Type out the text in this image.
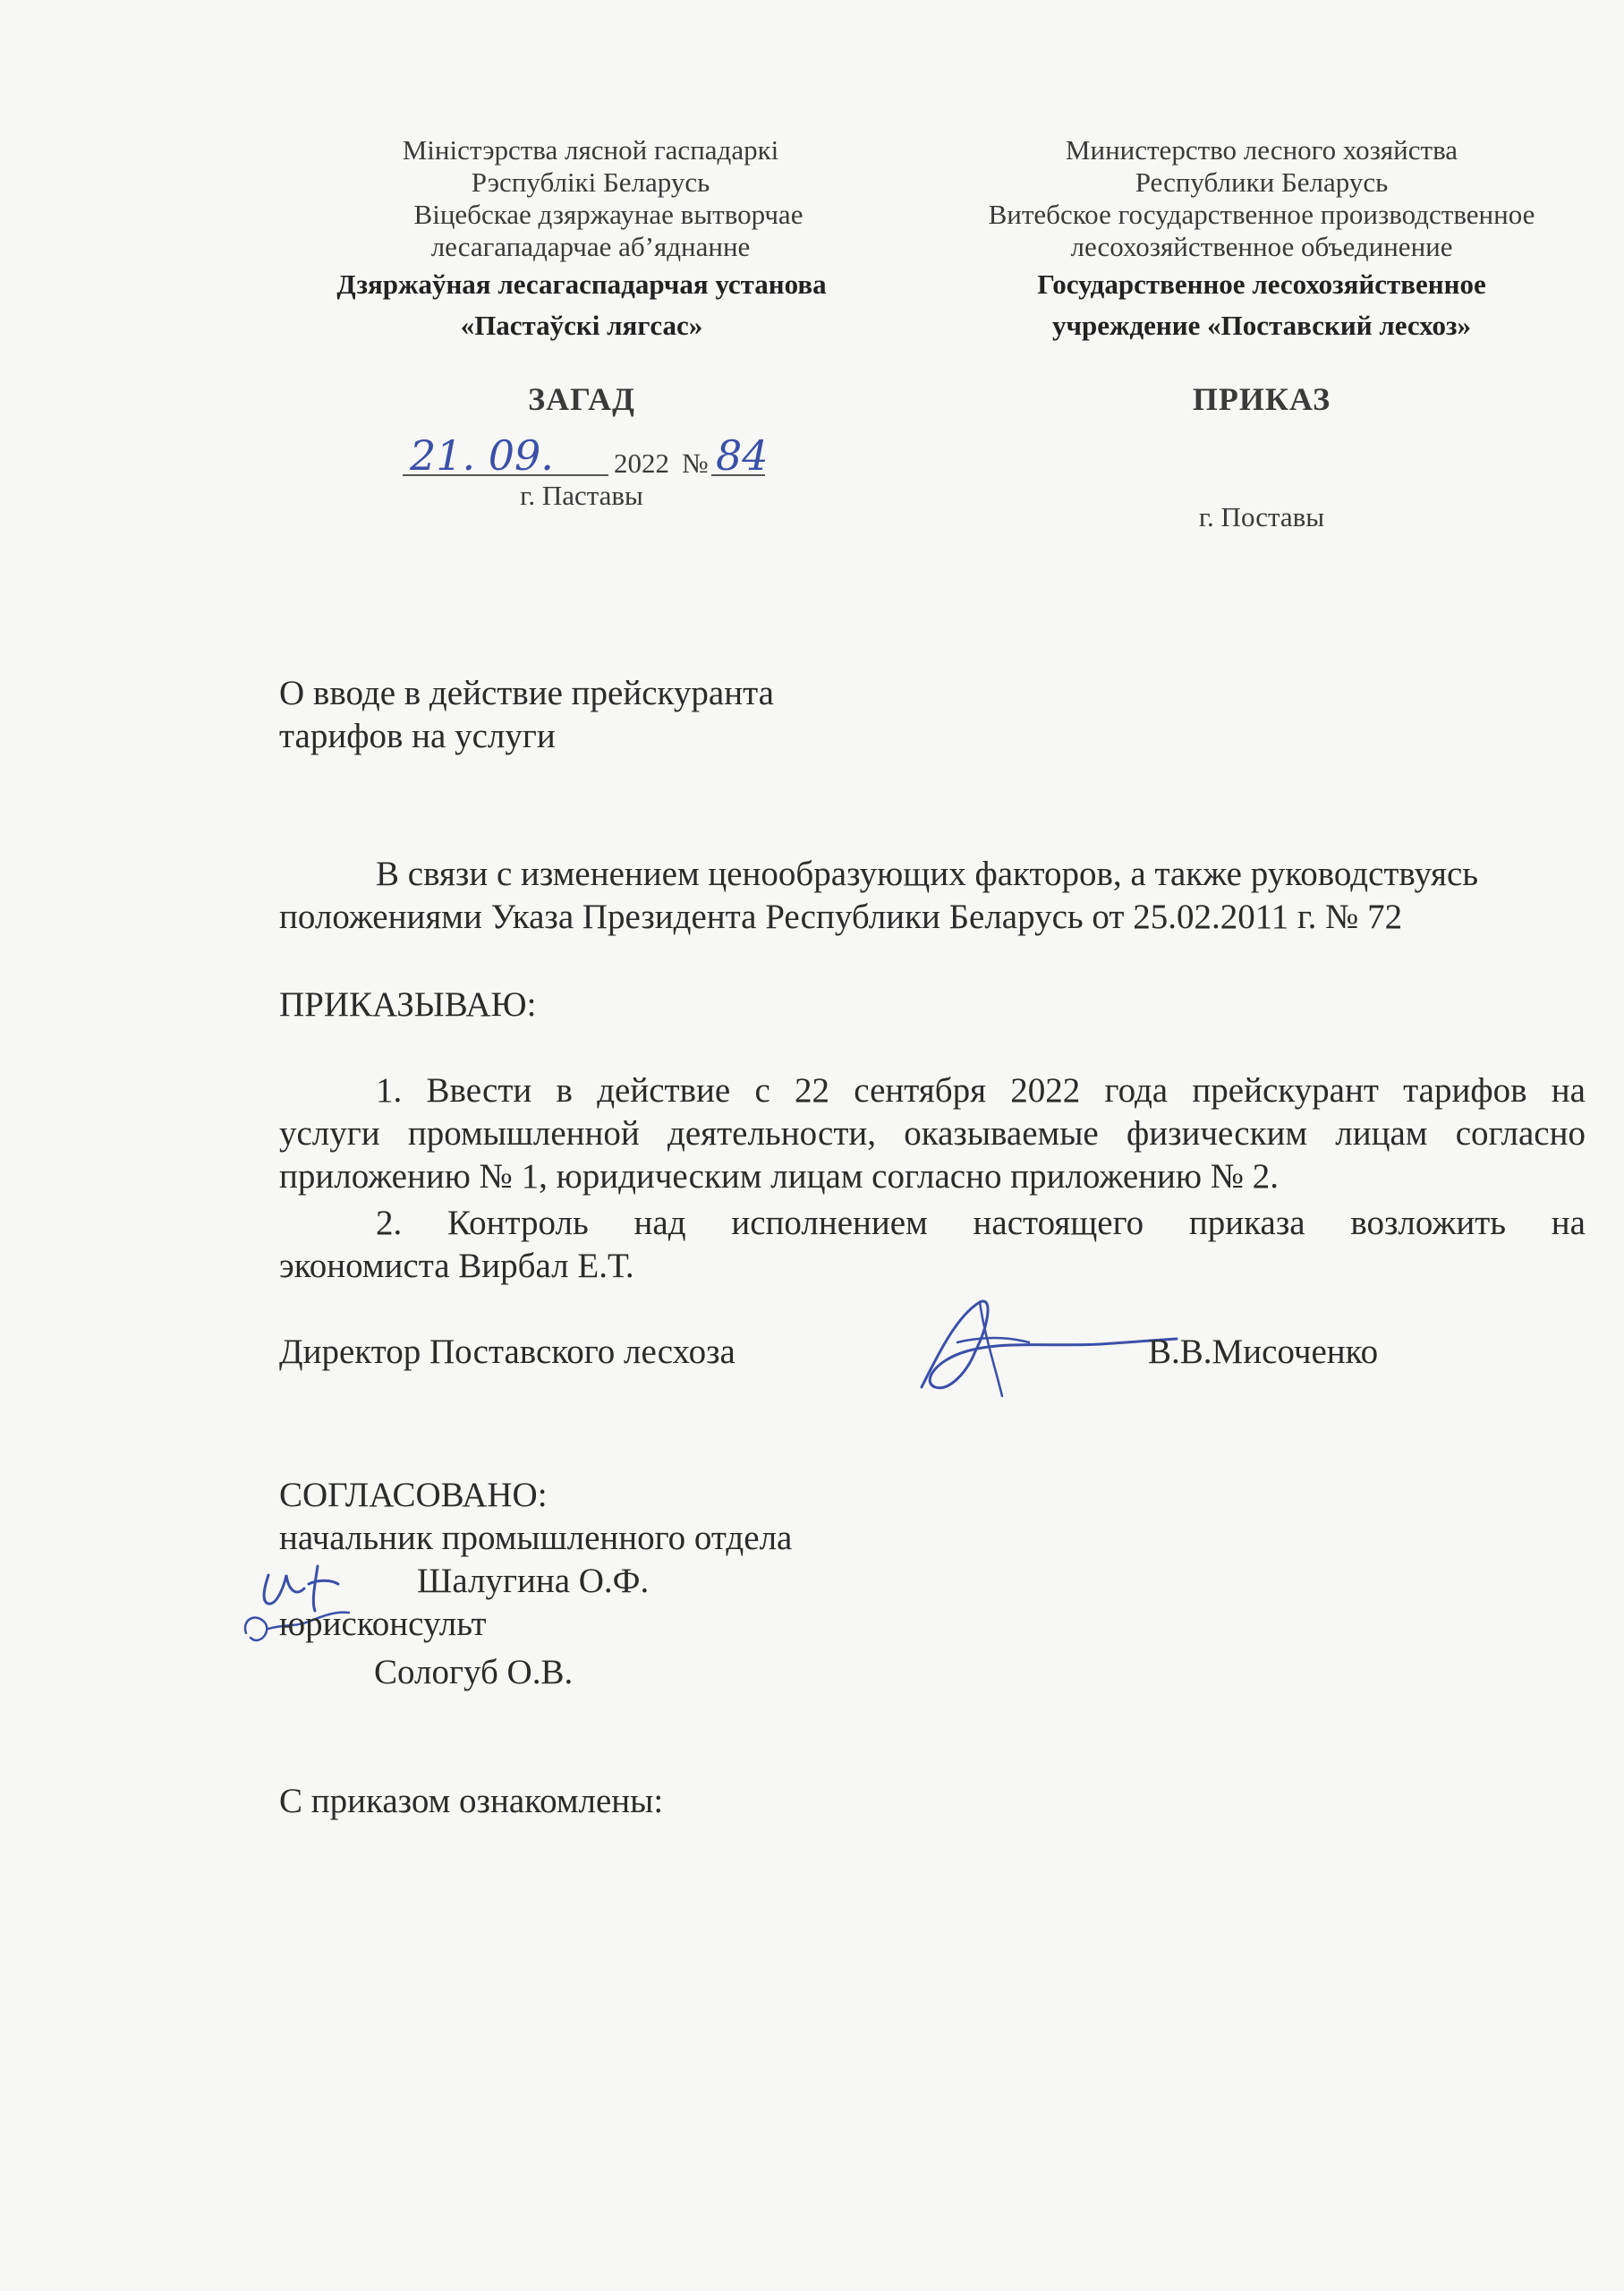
Міністэрства лясной гаспадаркі
Рэспублікі Беларусь
Віцебскае дзяржаунае вытворчае
лесагападарчае аб’яднанне
Дзяржаўная лесагаспадарчая установа
«Пастаўскі лягсас»
ЗАГАД
21. 09. 2022 № 84
г. Паставы
Министерство лесного хозяйства
Республики Беларусь
Витебское государственное производственное
лесохозяйственное объединение
Государственное лесохозяйственное
учреждение «Поставский лесхоз»
ПРИКАЗ
г. Поставы
О вводе в действие прейскуранта
тарифов на услуги
В связи с изменением ценообразующих факторов, а также руководствуясь
положениями Указа Президента Республики Беларусь от 25.02.2011 г. № 72
ПРИКАЗЫВАЮ:
1. Ввести в действие с 22 сентября 2022 года прейскурант тарифов на
услуги промышленной деятельности, оказываемые физическим лицам согласно
приложению № 1, юридическим лицам согласно приложению № 2.
2. Контроль над исполнением настоящего приказа возложить на
экономиста Вирбал Е.Т.
Директор Поставского лесхоза	В.В.Мисоченко
СОГЛАСОВАНО:
начальник промышленного отдела
Шалугина О.Ф.
юрисконсульт
Сологуб О.В.
С приказом ознакомлены:
